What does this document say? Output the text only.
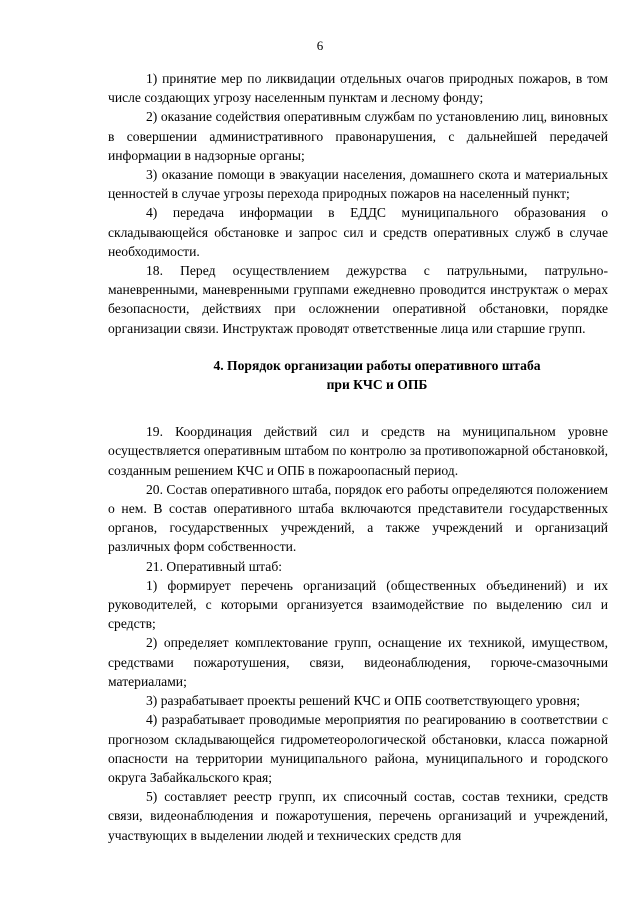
6

1) принятие мер по ликвидации отдельных очагов природных пожаров, в том числе создающих угрозу населенным пунктам и лесному фонду;

2) оказание содействия оперативным службам по установлению лиц, виновных в совершении административного правонарушения, с дальнейшей передачей информации в надзорные органы;

3) оказание помощи в эвакуации населения, домашнего скота и материальных ценностей в случае угрозы перехода природных пожаров на населенный пункт;

4) передача информации в ЕДДС муниципального образования о складывающейся обстановке и запрос сил и средств оперативных служб в случае необходимости.

18. Перед осуществлением дежурства с патрульными, патрульно-маневренными, маневренными группами ежедневно проводится инструктаж о мерах безопасности, действиях при осложнении оперативной обстановки, порядке организации связи. Инструктаж проводят ответственные лица или старшие групп.

4. Порядок организации работы оперативного штаба

при КЧС и ОПБ

19. Координация действий сил и средств на муниципальном уровне осуществляется оперативным штабом по контролю за противопожарной обстановкой, созданным решением КЧС и ОПБ в пожароопасный период.

20. Состав оперативного штаба, порядок его работы определяются положением о нем. В состав оперативного штаба включаются представители государственных органов, государственных учреждений, а также учреждений и организаций различных форм собственности.

21. Оперативный штаб:

1) формирует перечень организаций (общественных объединений) и их руководителей, с которыми организуется взаимодействие по выделению сил и средств;

2) определяет комплектование групп, оснащение их техникой, имуществом, средствами пожаротушения, связи, видеонаблюдения, горюче-смазочными материалами;

3) разрабатывает проекты решений КЧС и ОПБ соответствующего уровня;

4) разрабатывает проводимые мероприятия по реагированию в соответствии с прогнозом складывающейся гидрометеорологической обстановки, класса пожарной опасности на территории муниципального района, муниципального и городского округа Забайкальского края;

5) составляет реестр групп, их списочный состав, состав техники, средств связи, видеонаблюдения и пожаротушения, перечень организаций и учреждений, участвующих в выделении людей и технических средств для
